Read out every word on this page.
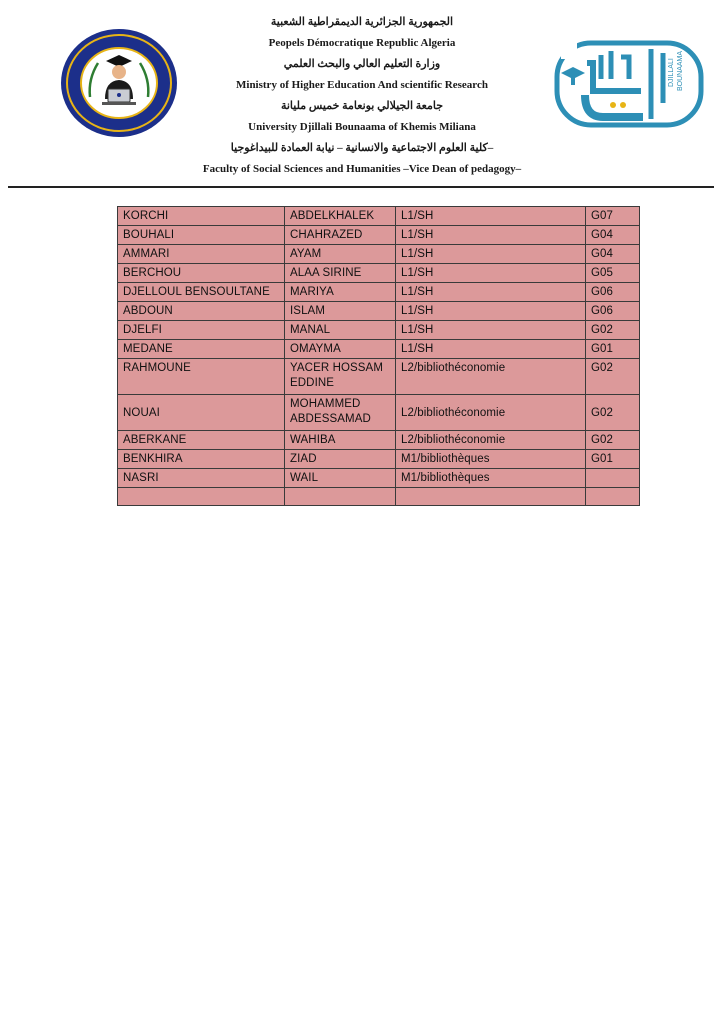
الجمهورية الجزائرية الديمقراطية الشعبية
Peopels Démocratique Republic Algeria
وزارة التعليم العالي والبحث العلمي
Ministry of Higher Education And scientific Research
جامعة الجيلالي بونعامة خميس مليانة
University Djillali Bounaama of Khemis Miliana
كلية العلوم الاجتماعية والانسانية – نيابة العمادة للبيداغوجيا–
Faculty of Social Sciences and Humanities –Vice Dean of pedagogy–
DJILLALI BOUNAAMA
KORCHI	ABDELKHALEK	L1/SH	G07
BOUHALI	CHAHRAZED	L1/SH	G04
AMMARI	AYAM	L1/SH	G04
BERCHOU	ALAA SIRINE	L1/SH	G05
DJELLOUL BENSOULTANE	MARIYA	L1/SH	G06
ABDOUN	ISLAM	L1/SH	G06
DJELFI	MANAL	L1/SH	G02
MEDANE	OMAYMA	L1/SH	G01
RAHMOUNE	YACER HOSSAM EDDINE	L2/bibliothéconomie	G02
NOUAI	MOHAMMED ABDESSAMAD	L2/bibliothéconomie	G02
ABERKANE	WAHIBA	L2/bibliothéconomie	G02
BENKHIRA	ZIAD	M1/bibliothèques	G01
NASRI	WAIL	M1/bibliothèques	
